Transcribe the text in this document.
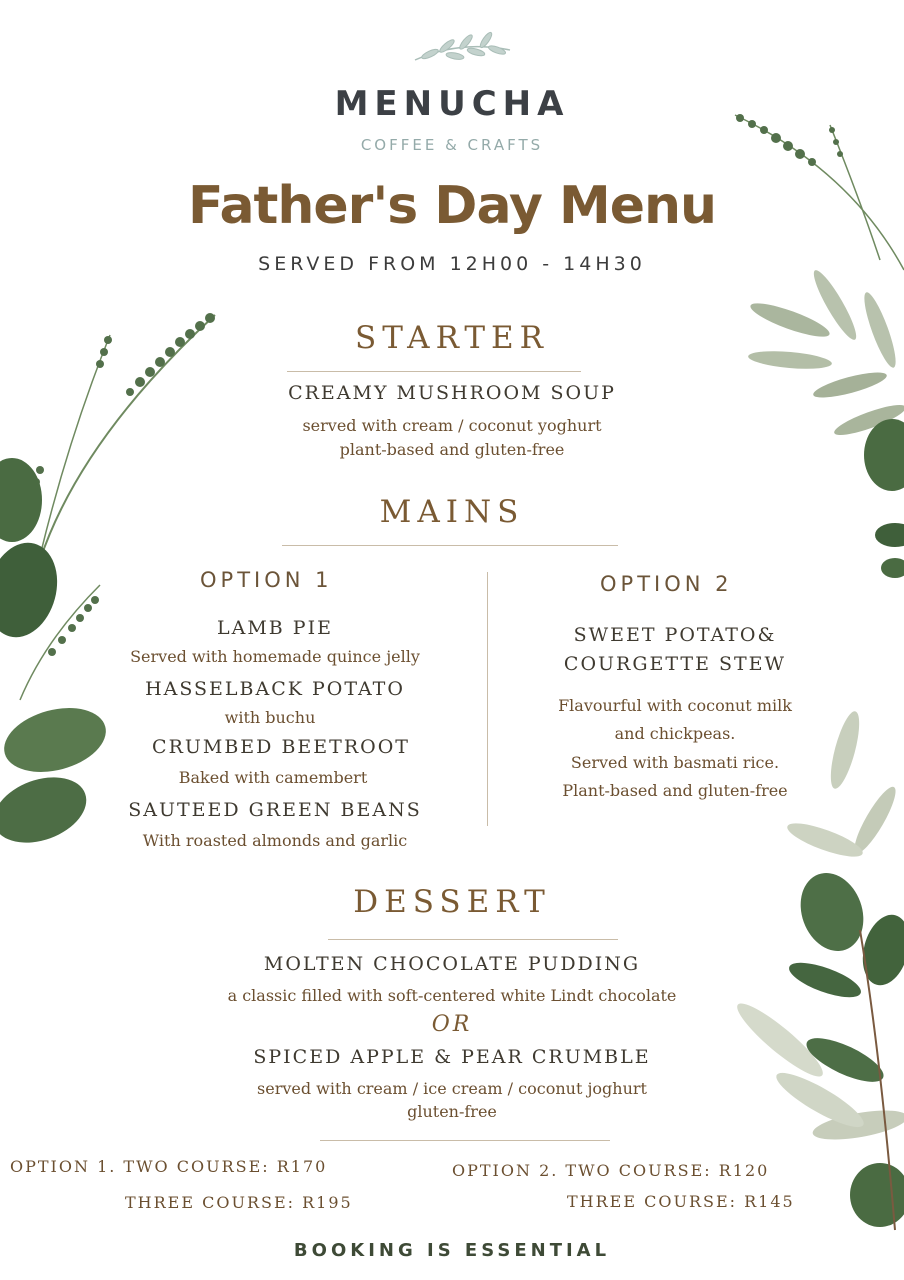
MENUCHA
COFFEE & CRAFTS
Father's Day Menu
SERVED FROM 12H00 - 14H30
STARTER
CREAMY MUSHROOM SOUP
served with cream / coconut yoghurt
plant-based and gluten-free
MAINS
OPTION 1
LAMB PIE
Served with homemade quince jelly
HASSELBACK POTATO
with buchu
CRUMBED BEETROOT
Baked with camembert
SAUTEED GREEN BEANS
With roasted almonds and garlic
OPTION 2
SWEET POTATO&
COURGETTE STEW
Flavourful with coconut milk
and chickpeas.
Served with basmati rice.
Plant-based and gluten-free
DESSERT
MOLTEN CHOCOLATE PUDDING
a classic filled with soft-centered white Lindt chocolate
OR
SPICED APPLE & PEAR CRUMBLE
served with cream / ice cream / coconut joghurt
gluten-free
OPTION 1. TWO COURSE: R170
THREE COURSE: R195
OPTION 2. TWO COURSE: R120
THREE COURSE: R145
BOOKING IS ESSENTIAL
